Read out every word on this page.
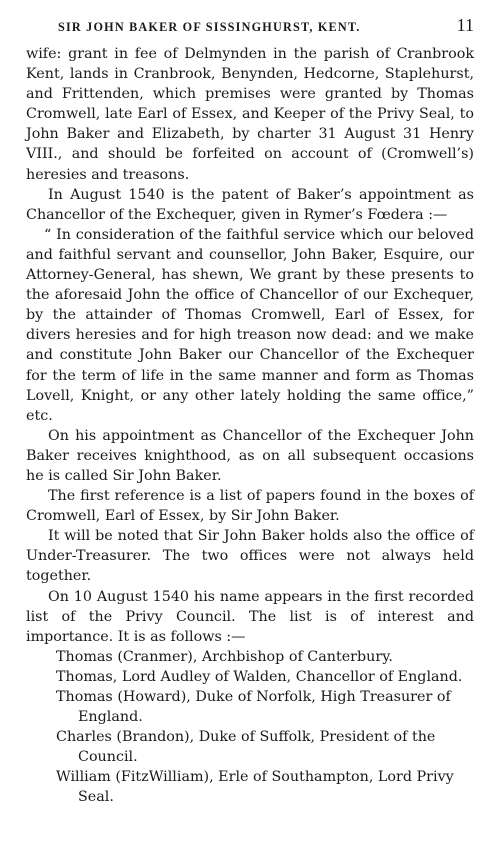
SIR JOHN BAKER OF SISSINGHURST, KENT.	11

wife: grant in fee of Delmynden in the parish of Cranbrook Kent, lands in Cranbrook, Benynden, Hedcorne, Staplehurst, and Frittenden, which premises were granted by Thomas Cromwell, late Earl of Essex, and Keeper of the Privy Seal, to John Baker and Elizabeth, by charter 31 August 31 Henry VIII., and should be forfeited on account of (Cromwell’s) heresies and treasons.

In August 1540 is the patent of Baker’s appointment as Chancellor of the Exchequer, given in Rymer’s Fœdera :—

“ In consideration of the faithful service which our beloved and faithful servant and counsellor, John Baker, Esquire, our Attorney-General, has shewn, We grant by these presents to the aforesaid John the office of Chancellor of our Exchequer, by the attainder of Thomas Cromwell, Earl of Essex, for divers heresies and for high treason now dead: and we make and constitute John Baker our Chancellor of the Exchequer for the term of life in the same manner and form as Thomas Lovell, Knight, or any other lately holding the same office,” etc.

On his appointment as Chancellor of the Exchequer John Baker receives knighthood, as on all subsequent occasions he is called Sir John Baker.

The first reference is a list of papers found in the boxes of Cromwell, Earl of Essex, by Sir John Baker.

It will be noted that Sir John Baker holds also the office of Under-Treasurer. The two offices were not always held together.

On 10 August 1540 his name appears in the first recorded list of the Privy Council. The list is of interest and importance. It is as follows :—

Thomas (Cranmer), Archbishop of Canterbury.
Thomas, Lord Audley of Walden, Chancellor of England.
Thomas (Howard), Duke of Norfolk, High Treasurer of England.
Charles (Brandon), Duke of Suffolk, President of the Council.
William (FitzWilliam), Erle of Southampton, Lord Privy Seal.
